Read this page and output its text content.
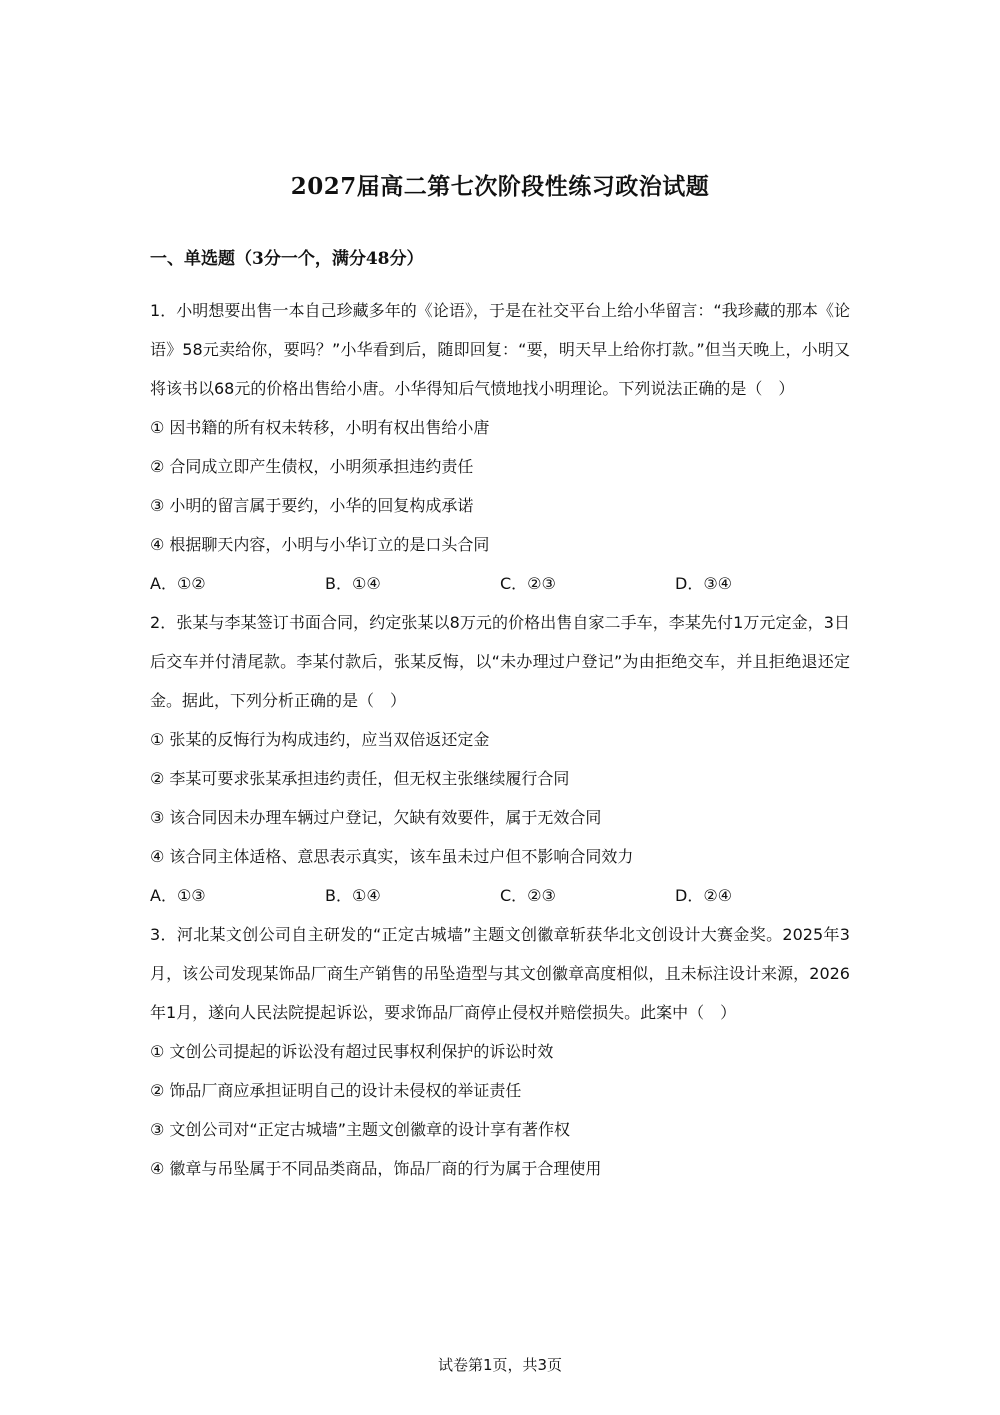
2027届高二第七次阶段性练习政治试题
一、单选题（3分一个，满分48分）

1．小明想要出售一本自己珍藏多年的《论语》，于是在社交平台上给小华留言：“我珍藏的那本《论语》58元卖给你，要吗？”小华看到后，随即回复：“要，明天早上给你打款。”但当天晚上，小明又将该书以68元的价格出售给小唐。小华得知后气愤地找小明理论。下列说法正确的是（　）

① 因书籍的所有权未转移，小明有权出售给小唐

② 合同成立即产生债权，小明须承担违约责任

③ 小明的留言属于要约，小华的回复构成承诺

④ 根据聊天内容，小明与小华订立的是口头合同

A．①②	B．①④	C．②③	D．③④

2．张某与李某签订书面合同，约定张某以8万元的价格出售自家二手车，李某先付1万元定金，3日后交车并付清尾款。李某付款后，张某反悔，以“未办理过户登记”为由拒绝交车，并且拒绝退还定金。据此，下列分析正确的是（　）

① 张某的反悔行为构成违约，应当双倍返还定金

② 李某可要求张某承担违约责任，但无权主张继续履行合同

③ 该合同因未办理车辆过户登记，欠缺有效要件，属于无效合同

④ 该合同主体适格、意思表示真实，该车虽未过户但不影响合同效力

A．①③	B．①④	C．②③	D．②④

3．河北某文创公司自主研发的“正定古城墙”主题文创徽章斩获华北文创设计大赛金奖。2025年3月，该公司发现某饰品厂商生产销售的吊坠造型与其文创徽章高度相似，且未标注设计来源，2026年1月，遂向人民法院提起诉讼，要求饰品厂商停止侵权并赔偿损失。此案中（　）

① 文创公司提起的诉讼没有超过民事权利保护的诉讼时效

② 饰品厂商应承担证明自己的设计未侵权的举证责任

③ 文创公司对“正定古城墙”主题文创徽章的设计享有著作权

④ 徽章与吊坠属于不同品类商品，饰品厂商的行为属于合理使用

试卷第1页，共3页
